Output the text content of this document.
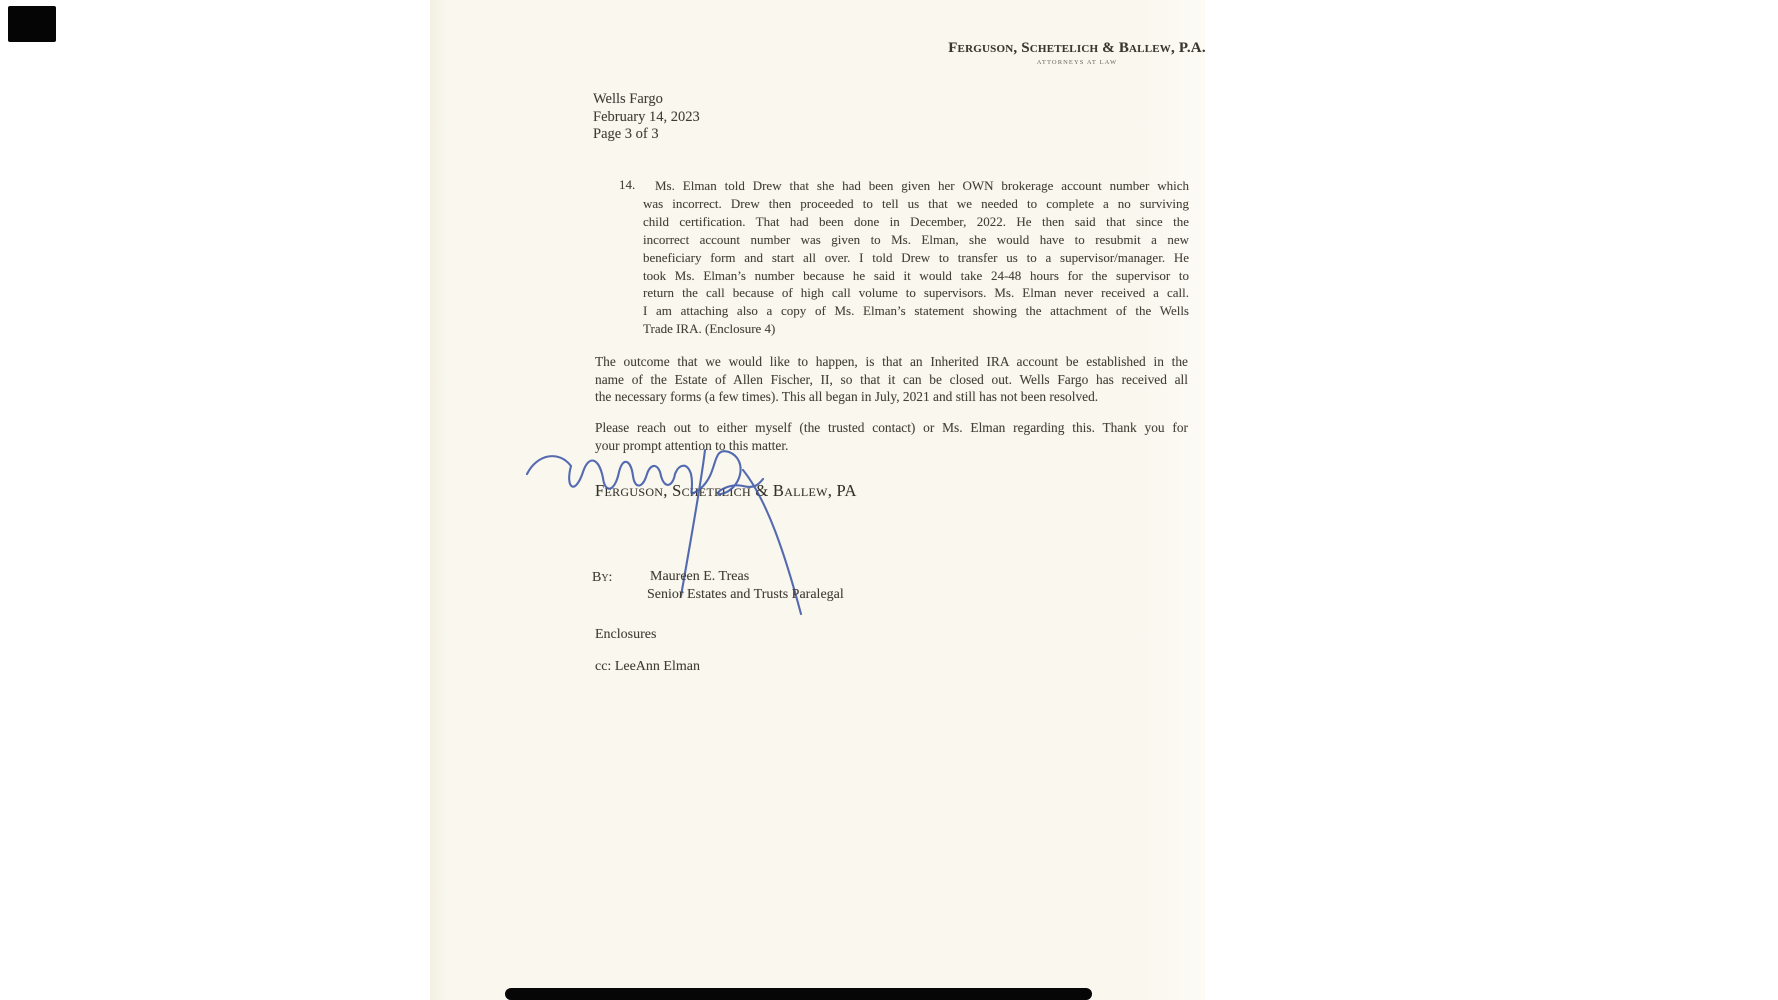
Ferguson, Schetelich & Ballew, P.A.
ATTORNEYS AT LAW
Wells Fargo
February 14, 2023
Page 3 of 3
14. Ms. Elman told Drew that she had been given her OWN brokerage account number which
was incorrect. Drew then proceeded to tell us that we needed to complete a no surviving
child certification. That had been done in December, 2022. He then said that since the
incorrect account number was given to Ms. Elman, she would have to resubmit a new
beneficiary form and start all over. I told Drew to transfer us to a supervisor/manager. He
took Ms. Elman’s number because he said it would take 24-48 hours for the supervisor to
return the call because of high call volume to supervisors. Ms. Elman never received a call.
I am attaching also a copy of Ms. Elman’s statement showing the attachment of the Wells
Trade IRA. (Enclosure 4)
The outcome that we would like to happen, is that an Inherited IRA account be established in the
name of the Estate of Allen Fischer, II, so that it can be closed out. Wells Fargo has received all
the necessary forms (a few times). This all began in July, 2021 and still has not been resolved.
Please reach out to either myself (the trusted contact) or Ms. Elman regarding this. Thank you for
your prompt attention to this matter.
Ferguson, Schetelich & Ballew, PA
By:	Maureen E. Treas
Senior Estates and Trusts Paralegal
Enclosures
cc: LeeAnn Elman
